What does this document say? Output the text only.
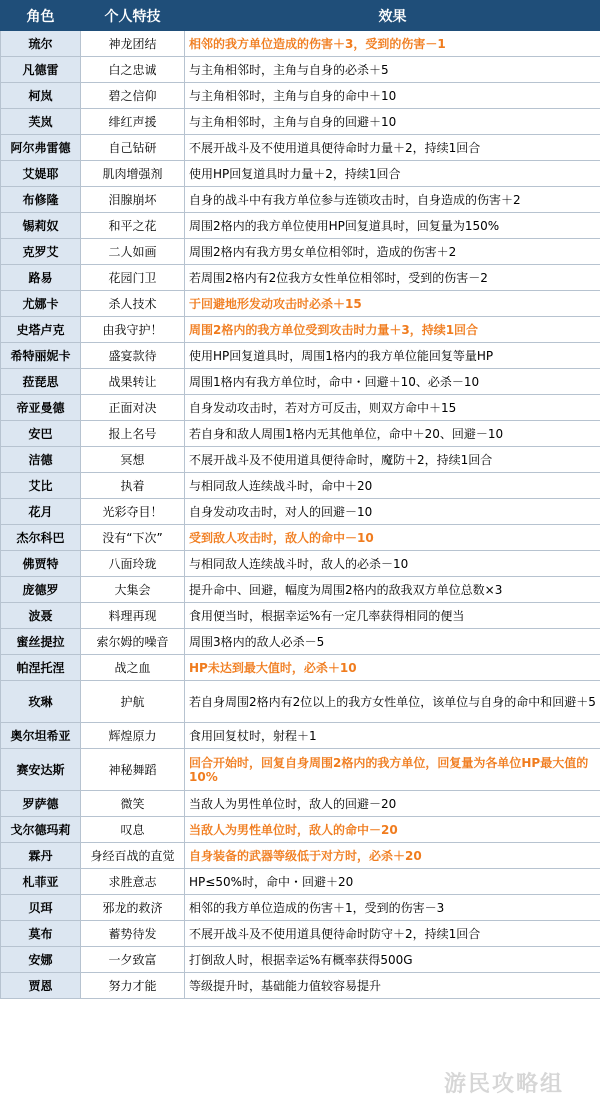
角色	个人特技	效果
琉尔	神龙团结	相邻的我方单位造成的伤害＋3，受到的伤害－1
凡德雷	白之忠诚	与主角相邻时，主角与自身的必杀＋5
柯岚	碧之信仰	与主角相邻时，主角与自身的命中＋10
芙岚	绯红声援	与主角相邻时，主角与自身的回避＋10
阿尔弗雷德	自己钻研	不展开战斗及不使用道具便待命时力量＋2，持续1回合
艾媞耶	肌肉增强剂	使用HP回复道具时力量＋2，持续1回合
布修隆	泪腺崩坏	自身的战斗中有我方单位参与连锁攻击时，自身造成的伤害＋2
锡莉奴	和平之花	周围2格内的我方单位使用HP回复道具时，回复量为150%
克罗艾	二人如画	周围2格内有我方男女单位相邻时，造成的伤害＋2
路易	花园门卫	若周围2格内有2位我方女性单位相邻时，受到的伤害－2
尤娜卡	杀人技术	于回避地形发动攻击时必杀＋15
史塔卢克	由我守护！	周围2格内的我方单位受到攻击时力量＋3，持续1回合
希特丽妮卡	盛宴款待	使用HP回复道具时，周围1格内的我方单位能回复等量HP
菈琵思	战果转让	周围1格内有我方单位时，命中・回避＋10、必杀－10
帝亚曼德	正面对决	自身发动攻击时，若对方可反击，则双方命中＋15
安巴	报上名号	若自身和敌人周围1格内无其他单位，命中＋20、回避－10
洁德	冥想	不展开战斗及不使用道具便待命时，魔防＋2，持续1回合
艾比	执着	与相同敌人连续战斗时，命中＋20
花月	光彩夺目！	自身发动攻击时，对人的回避－10
杰尔科巴	没有“下次”	受到敌人攻击时，敌人的命中－10
佛贾特	八面玲珑	与相同敌人连续战斗时，敌人的必杀－10
庞德罗	大集会	提升命中、回避，幅度为周围2格内的敌我双方单位总数×3
波聂	料理再现	食用便当时，根据幸运%有一定几率获得相同的便当
蜜丝提拉	索尔姆的噪音	周围3格内的敌人必杀－5
帕涅托涅	战之血	HP未达到最大值时，必杀＋10
玫琳	护航	若自身周围2格内有2位以上的我方女性单位，该单位与自身的命中和回避＋5
奥尔坦希亚	辉煌原力	食用回复杖时，射程＋1
赛安达斯	神秘舞蹈	回合开始时，回复自身周围2格内的我方单位，回复量为各单位HP最大值的10%
罗萨德	微笑	当敌人为男性单位时，敌人的回避－20
戈尔德玛莉	叹息	当敌人为男性单位时，敌人的命中－20
霖丹	身经百战的直觉	自身装备的武器等级低于对方时，必杀＋20
札菲亚	求胜意志	HP≤50%时，命中・回避＋20
贝珥	邪龙的救济	相邻的我方单位造成的伤害＋1，受到的伤害－3
莫布	蓄势待发	不展开战斗及不使用道具便待命时防守＋2，持续1回合
安娜	一夕致富	打倒敌人时，根据幸运%有概率获得500G
贾恩	努力才能	等级提升时，基础能力值较容易提升
游民攻略组
